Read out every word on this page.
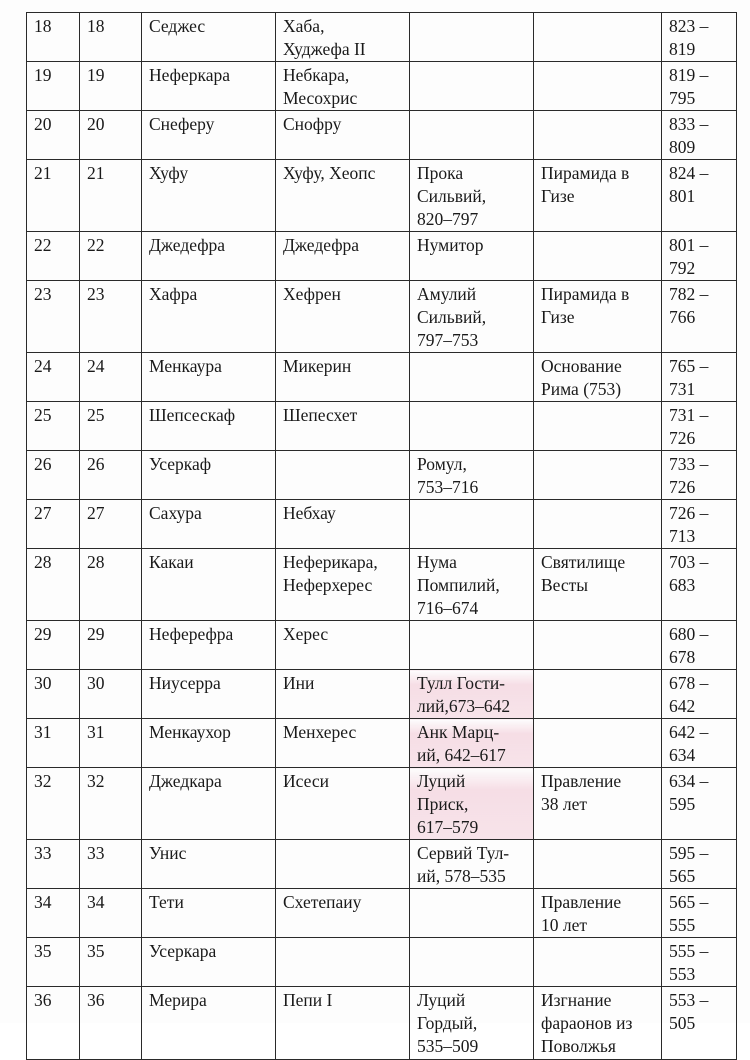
18	18	Седжес	Хаба,
Худжефа II			823 –
819
19	19	Неферкара	Небкара,
Месохрис			819 –
795
20	20	Снеферу	Снофру			833 –
809
21	21	Хуфу	Хуфу, Хеопс	Прока
Сильвий,
820–797	Пирамида в
Гизе	824 –
801
22	22	Джедефра	Джедефра	Нумитор		801 –
792
23	23	Хафра	Хефрен	Амулий
Сильвий,
797–753	Пирамида в
Гизе	782 –
766
24	24	Менкаура	Микерин		Основание
Рима (753)	765 –
731
25	25	Шепсескаф	Шепесхет			731 –
726
26	26	Усеркаф		Ромул,
753–716		733 –
726
27	27	Сахура	Небхау			726 –
713
28	28	Какаи	Неферикара,
Неферхерес	Нума
Помпилий,
716–674	Святилище
Весты	703 –
683
29	29	Неферефра	Херес			680 –
678
30	30	Ниусерра	Ини	Тулл Гости-
лий,673–642		678 –
642
31	31	Менкаухор	Менхерес	Анк Марц-
ий, 642–617		642 –
634
32	32	Джедкара	Исеси	Луций
Приск,
617–579	Правление
38 лет	634 –
595
33	33	Унис		Сервий Тул-
ий, 578–535		595 –
565
34	34	Тети	Схетепаиу		Правление
10 лет	565 –
555
35	35	Усеркара				555 –
553
36	36	Мерира	Пепи I	Луций
Гордый,
535–509	Изгнание
фараонов из
Поволжья	553 –
505
